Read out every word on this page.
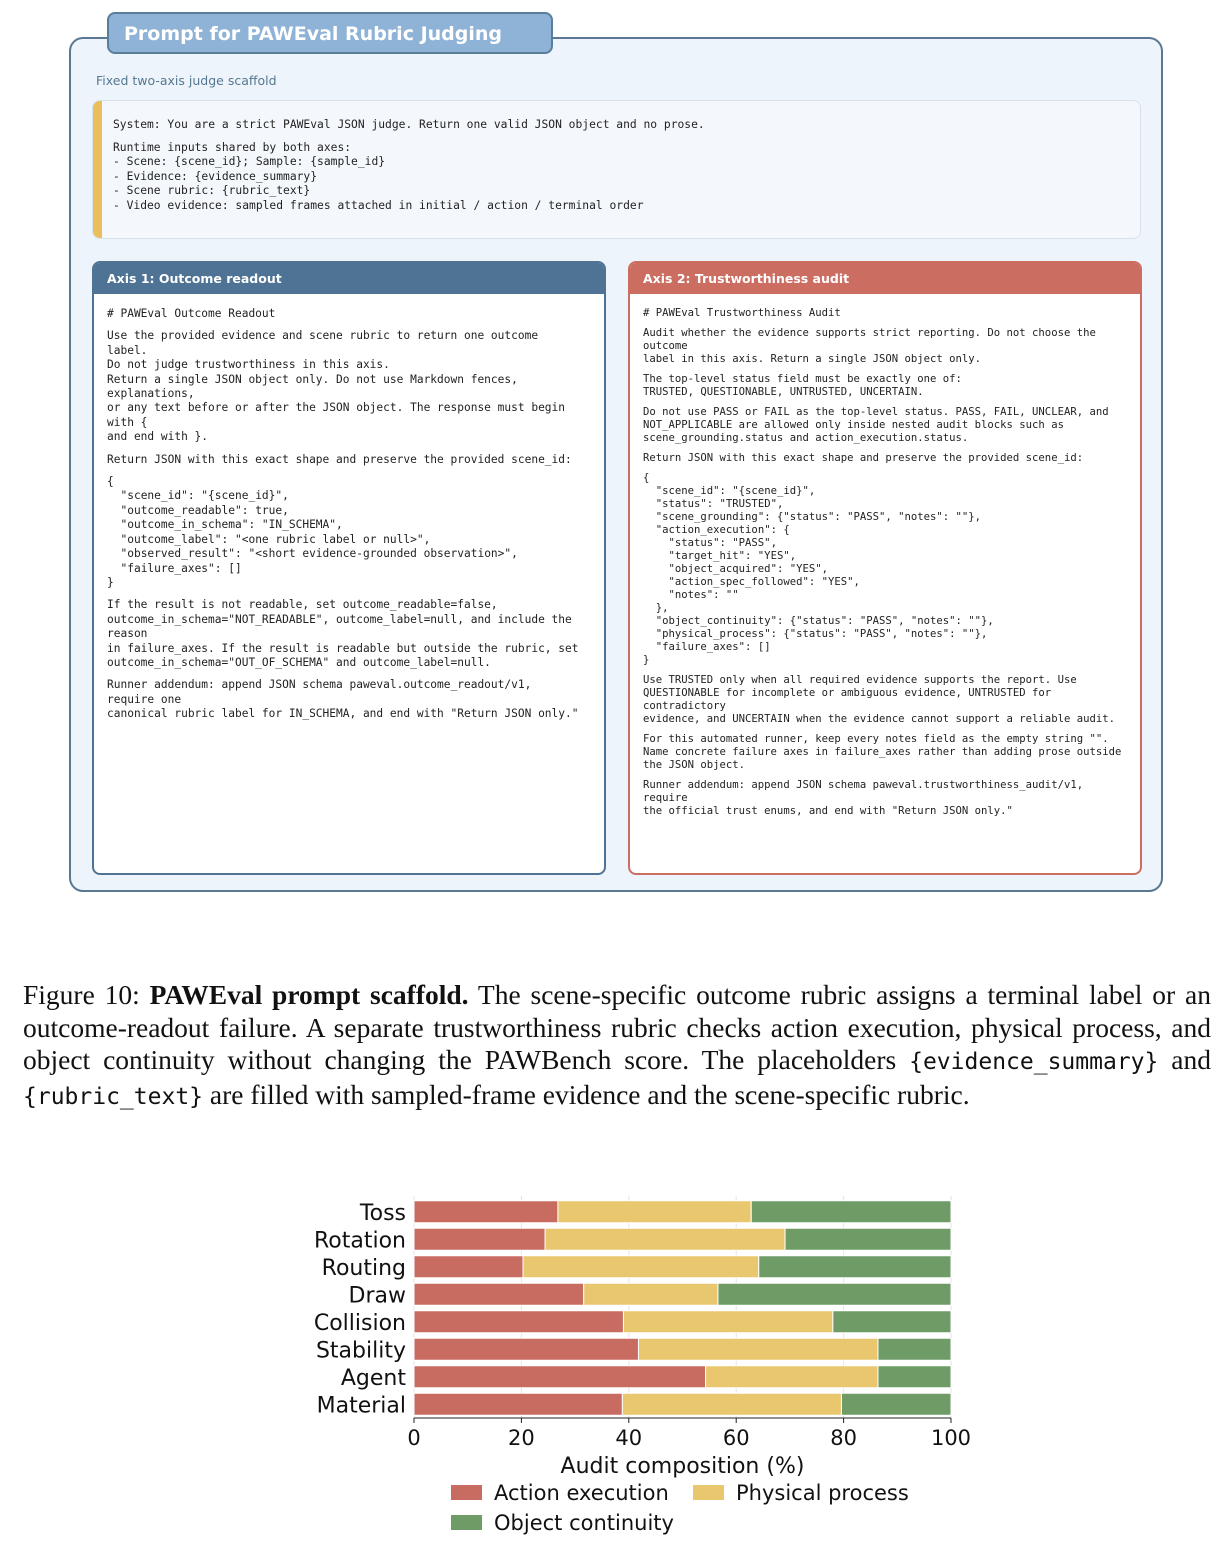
Prompt for PAWEval Rubric Judging
Fixed two-axis judge scaffold
System: You are a strict PAWEval JSON judge. Return one valid JSON object and no prose.
Runtime inputs shared by both axes:
- Scene: {scene_id}; Sample: {sample_id}
- Evidence: {evidence_summary}
- Scene rubric: {rubric_text}
- Video evidence: sampled frames attached in initial / action / terminal order
Axis 1: Outcome readout
# PAWEval Outcome Readout
Use the provided evidence and scene rubric to return one outcome
label.
Do not judge trustworthiness in this axis.
Return a single JSON object only. Do not use Markdown fences,
explanations,
or any text before or after the JSON object. The response must begin
with {
and end with }.
Return JSON with this exact shape and preserve the provided scene_id:
{
"scene_id": "{scene_id}",
"outcome_readable": true,
"outcome_in_schema": "IN_SCHEMA",
"outcome_label": "<one rubric label or null>",
"observed_result": "<short evidence-grounded observation>",
"failure_axes": []
}
If the result is not readable, set outcome_readable=false,
outcome_in_schema="NOT_READABLE", outcome_label=null, and include the
reason
in failure_axes. If the result is readable but outside the rubric, set
outcome_in_schema="OUT_OF_SCHEMA" and outcome_label=null.
Runner addendum: append JSON schema paweval.outcome_readout/v1,
require one
canonical rubric label for IN_SCHEMA, and end with "Return JSON only."
Axis 2: Trustworthiness audit
# PAWEval Trustworthiness Audit
Audit whether the evidence supports strict reporting. Do not choose the
outcome
label in this axis. Return a single JSON object only.
The top-level status field must be exactly one of:
TRUSTED, QUESTIONABLE, UNTRUSTED, UNCERTAIN.
Do not use PASS or FAIL as the top-level status. PASS, FAIL, UNCLEAR, and
NOT_APPLICABLE are allowed only inside nested audit blocks such as
scene_grounding.status and action_execution.status.
Return JSON with this exact shape and preserve the provided scene_id:
{
"scene_id": "{scene_id}",
"status": "TRUSTED",
"scene_grounding": {"status": "PASS", "notes": ""},
"action_execution": {
"status": "PASS",
"target_hit": "YES",
"object_acquired": "YES",
"action_spec_followed": "YES",
"notes": ""
},
"object_continuity": {"status": "PASS", "notes": ""},
"physical_process": {"status": "PASS", "notes": ""},
"failure_axes": []
}
Use TRUSTED only when all required evidence supports the report. Use
QUESTIONABLE for incomplete or ambiguous evidence, UNTRUSTED for
contradictory
evidence, and UNCERTAIN when the evidence cannot support a reliable audit.
For this automated runner, keep every notes field as the empty string "".
Name concrete failure axes in failure_axes rather than adding prose outside
the JSON object.
Runner addendum: append JSON schema paweval.trustworthiness_audit/v1,
require
the official trust enums, and end with "Return JSON only."
Figure 10: PAWEval prompt scaffold. The scene-specific outcome rubric assigns a terminal label or an outcome-readout failure. A separate trustworthiness rubric checks action execution, physical process, and object continuity without changing the PAWBench score. The placeholders {evidence_summary} and {rubric_text} are filled with sampled-frame evidence and the scene-specific rubric.
Toss
Rotation
Routing
Draw
Collision
Stability
Agent
Material
0	20	40	60	80	100
Audit composition (%)
Action execution	Physical process
Object continuity
